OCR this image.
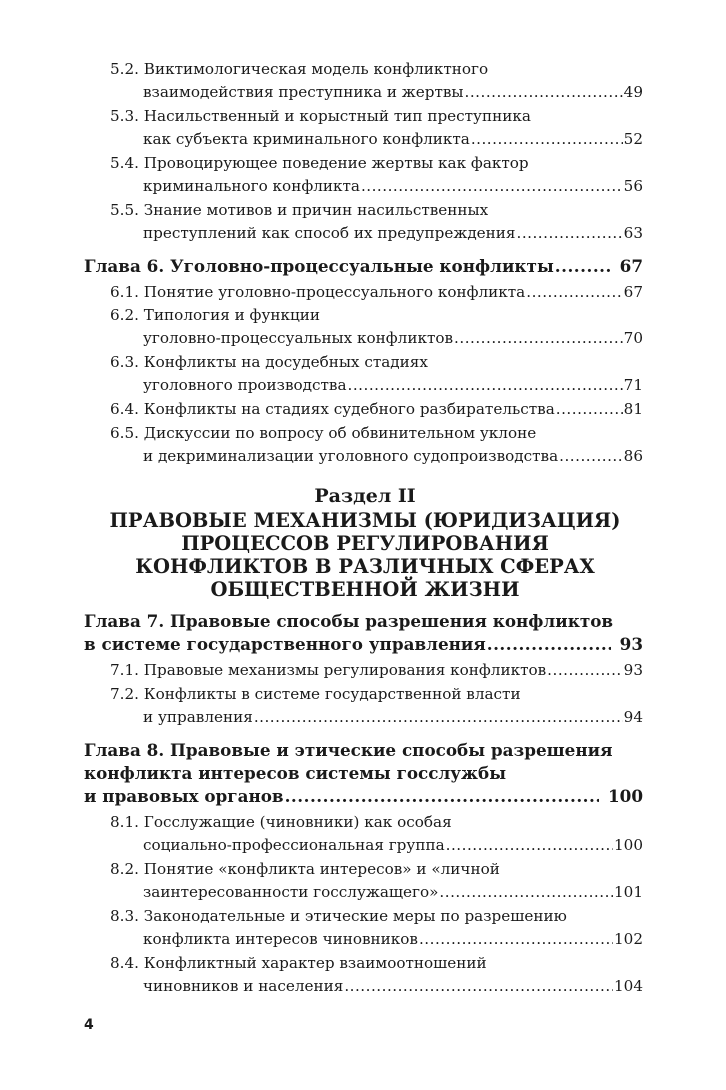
5.2. Виктимологическая модель конфликтного
взаимодействия преступника и жертвы .....	49
5.3. Насильственный и корыстный тип преступника
как субъекта криминального конфликта .....	52
5.4. Провоцирующее поведение жертвы как фактор
криминального конфликта .....	56
5.5. Знание мотивов и причин насильственных
преступлений как способ их предупреждения .....	63
Глава 6. Уголовно-процессуальные конфликты .....	67
6.1. Понятие уголовно-процессуального конфликта .....	67
6.2. Типология и функции
уголовно-процессуальных конфликтов .....	70
6.3. Конфликты на досудебных стадиях
уголовного производства .....	71
6.4. Конфликты на стадиях судебного разбирательства .....	81
6.5. Дискуссии по вопросу об обвинительном уклоне
и декриминализации уголовного судопроизводства .....	86
Раздел II
ПРАВОВЫЕ МЕХАНИЗМЫ (ЮРИДИЗАЦИЯ)
ПРОЦЕССОВ РЕГУЛИРОВАНИЯ
КОНФЛИКТОВ В РАЗЛИЧНЫХ СФЕРАХ
ОБЩЕСТВЕННОЙ ЖИЗНИ
Глава 7. Правовые способы разрешения конфликтов
в системе государственного управления .....	93
7.1. Правовые механизмы регулирования конфликтов .....	93
7.2. Конфликты в системе государственной власти
и управления .....	94
Глава 8. Правовые и этические способы разрешения
конфликта интересов системы госслужбы
и правовых органов .....	100
8.1. Госслужащие (чиновники) как особая
социально-профессиональная группа .....	100
8.2. Понятие «конфликта интересов» и «личной
заинтересованности госслужащего» .....	101
8.3. Законодательные и этические меры по разрешению
конфликта интересов чиновников .....	102
8.4. Конфликтный характер взаимоотношений
чиновников и населения .....	104
4
